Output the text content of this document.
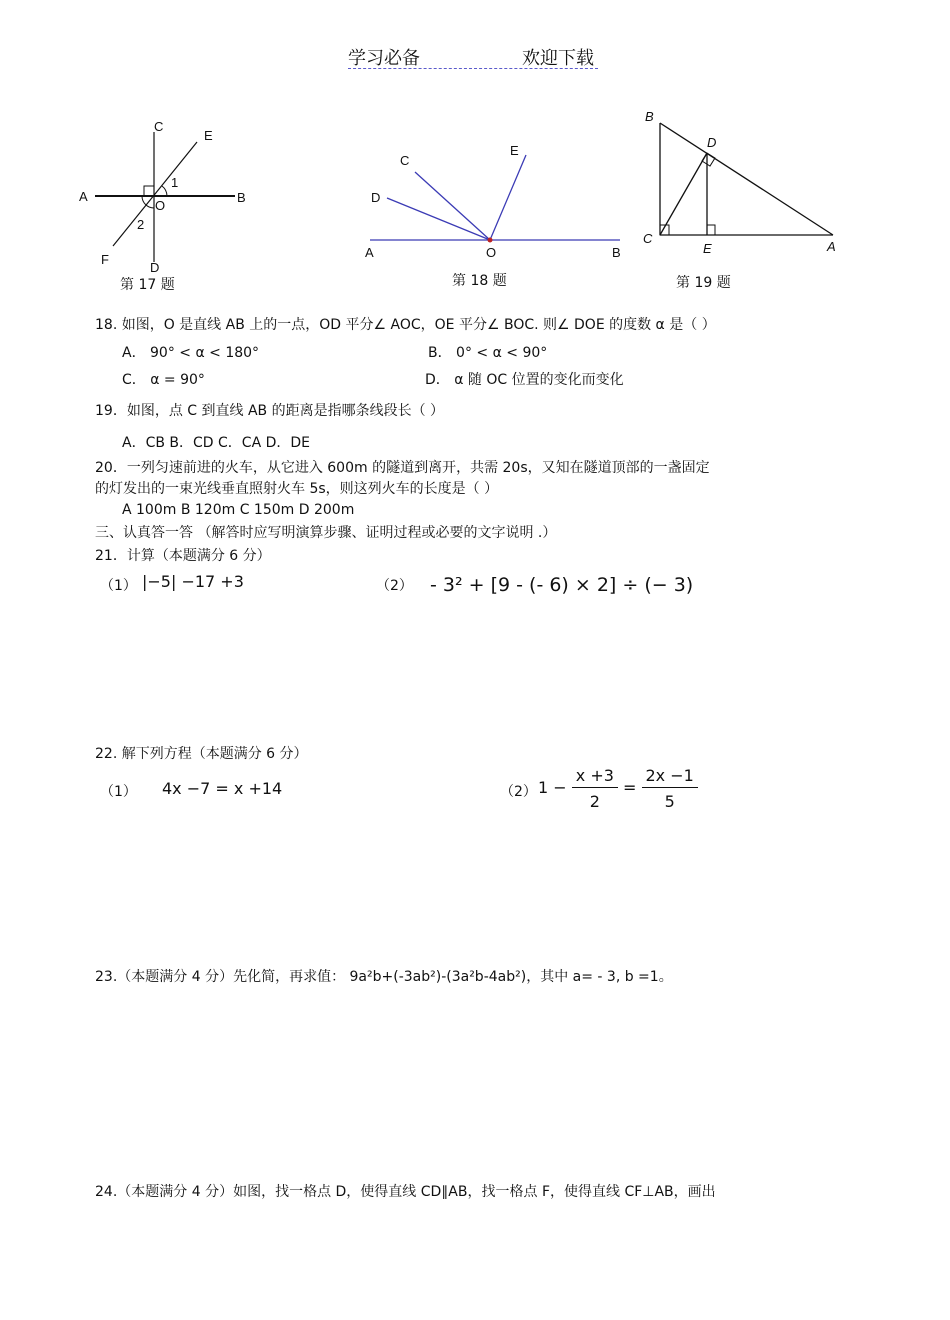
学习必备	欢迎下载
C
E
A	B
O
1
2
F
D
第 17 题
C
E
D
A	O	B
第 18 题
B
D
C
E	A
第 19 题
18. 如图，O 是直线 AB 上的一点，OD 平分∠ AOC，OE 平分∠ BOC. 则∠ DOE 的度数 α 是（ ）
A． 90° < α < 180°	B． 0° < α < 90°
C． α = 90°	D． α 随 OC 位置的变化而变化
19．如图，点 C 到直线 AB 的距离是指哪条线段长（ ）
A．CB B．CD C．CA D．DE
20．一列匀速前进的火车，从它进入 600m 的隧道到离开，共需 20s，又知在隧道顶部的一盏固定
的灯发出的一束光线垂直照射火车 5s，则这列火车的长度是（ ）
A 100m B 120m C 150m D 200m
三、认真答一答 （解答时应写明演算步骤、证明过程或必要的文字说明 .）
21．计算（本题满分 6 分）
（1） |−5| −17 +3	（2） - 3² + [9 - (- 6) × 2] ÷ (− 3)
22. 解下列方程（本题满分 6 分）
（1） 4x −7 = x +14	（2） $1 - \frac{x +3}{2} = \frac{2x -1}{5}$
23.（本题满分 4 分）先化简，再求值： 9a²b+(-3ab²)-(3a²b-4ab²)，其中 a= - 3, b =1。
24.（本题满分 4 分）如图，找一格点 D，使得直线 CD∥AB，找一格点 F，使得直线 CF⊥AB，画出
